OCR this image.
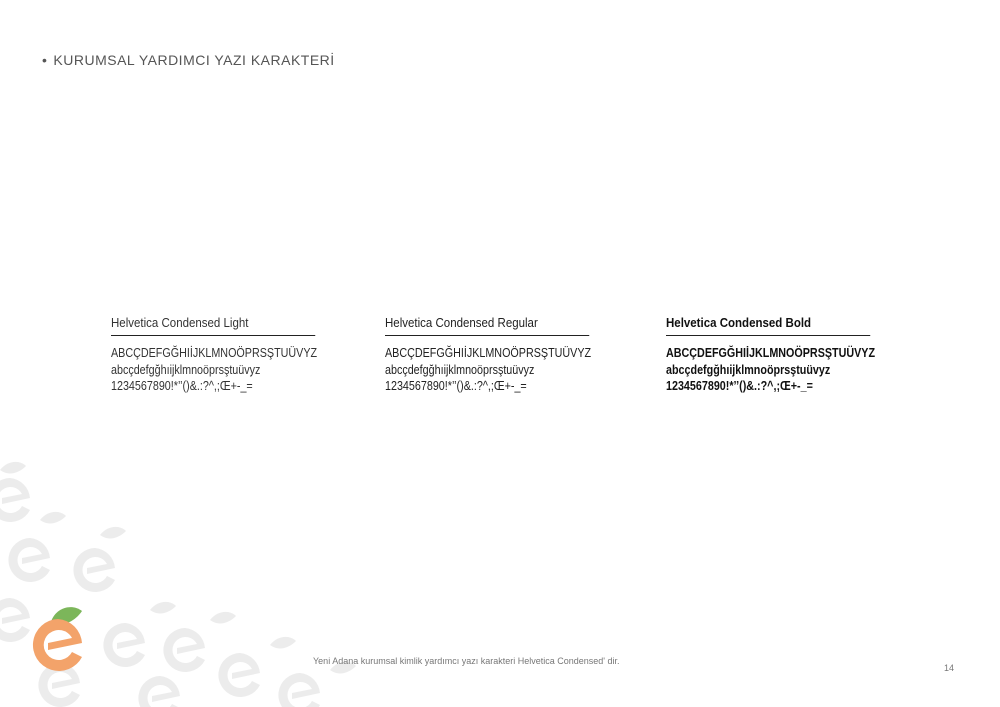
• KURUMSAL YARDIMCI YAZI KARAKTERİ
Helvetica Condensed Light
ABCÇDEFGĞHIİJKLMNOÖPRSŞTUÜVYZ
abcçdefgğhıijklmnoöprsştuüvyz
1234567890!*’’()&.:?^,;Œ+-_=
Helvetica Condensed Regular
ABCÇDEFGĞHIİJKLMNOÖPRSŞTUÜVYZ
abcçdefgğhıijklmnoöprsştuüvyz
1234567890!*’’()&.:?^,;Œ+-_=
Helvetica Condensed Bold
ABCÇDEFGĞHIİJKLMNOÖPRSŞTUÜVYZ
abcçdefgğhıijklmnoöprsştuüvyz
1234567890!*’’()&.:?^,;Œ+-_=
Yeni Adana kurumsal kimlik yardımcı yazı karakteri Helvetica Condensed' dir.
14
